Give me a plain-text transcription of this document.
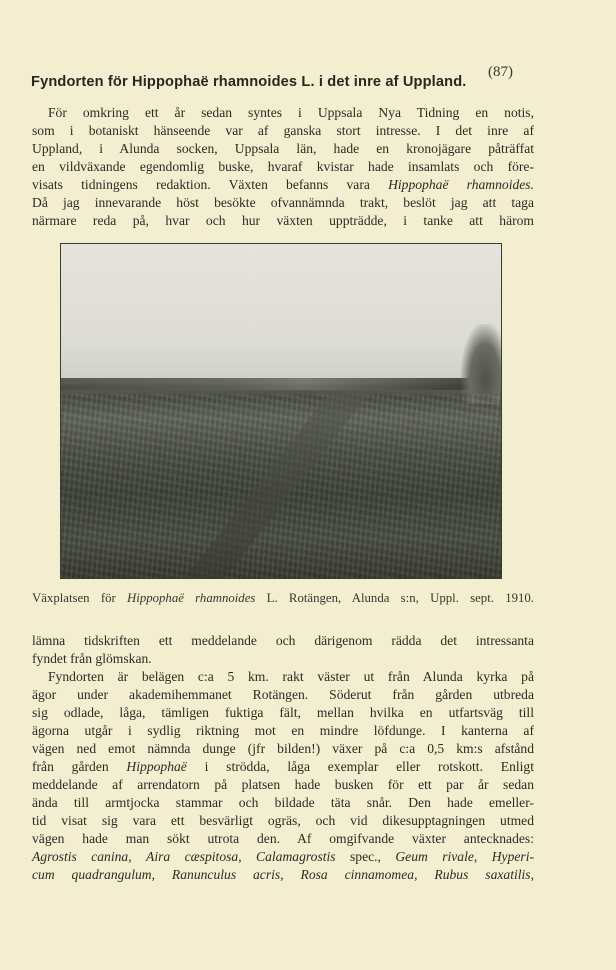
(87)
Fyndorten för Hippophaë rhamnoides L. i det inre af Uppland.
För omkring ett år sedan syntes i Uppsala Nya Tidning en notis,
som i botaniskt hänseende var af ganska stort intresse. I det inre af
Uppland, i Alunda socken, Uppsala län, hade en kronojägare påträffat
en vildväxande egendomlig buske, hvaraf kvistar hade insamlats och före-
visats tidningens redaktion. Växten befanns vara Hippophaë rhamnoides.
Då jag innevarande höst besökte ofvannämnda trakt, beslöt jag att taga
närmare reda på, hvar och hur växten uppträdde, i tanke att härom
Växplatsen för Hippophaë rhamnoides L. Rotängen, Alunda s:n, Uppl. sept. 1910.
lämna tidskriften ett meddelande och därigenom rädda det intressanta
fyndet från glömskan.
Fyndorten är belägen c:a 5 km. rakt väster ut från Alunda kyrka på
ägor under akademihemmanet Rotängen. Söderut från gården utbreda
sig odlade, låga, tämligen fuktiga fält, mellan hvilka en utfartsväg till
ägorna utgår i sydlig riktning mot en mindre löfdunge. I kanterna af
vägen ned emot nämnda dunge (jfr bilden!) växer på c:a 0,5 km:s afstånd
från gården Hippophaë i strödda, låga exemplar eller rotskott. Enligt
meddelande af arrendatorn på platsen hade busken för ett par år sedan
ända till armtjocka stammar och bildade täta snår. Den hade emeller-
tid visat sig vara ett besvärligt ogräs, och vid dikesupptagningen utmed
vägen hade man sökt utrota den. Af omgifvande växter antecknades:
Agrostis canina, Aira cæspitosa, Calamagrostis spec., Geum rivale, Hyperi-
cum quadrangulum, Ranunculus acris, Rosa cinnamomea, Rubus saxatilis,
